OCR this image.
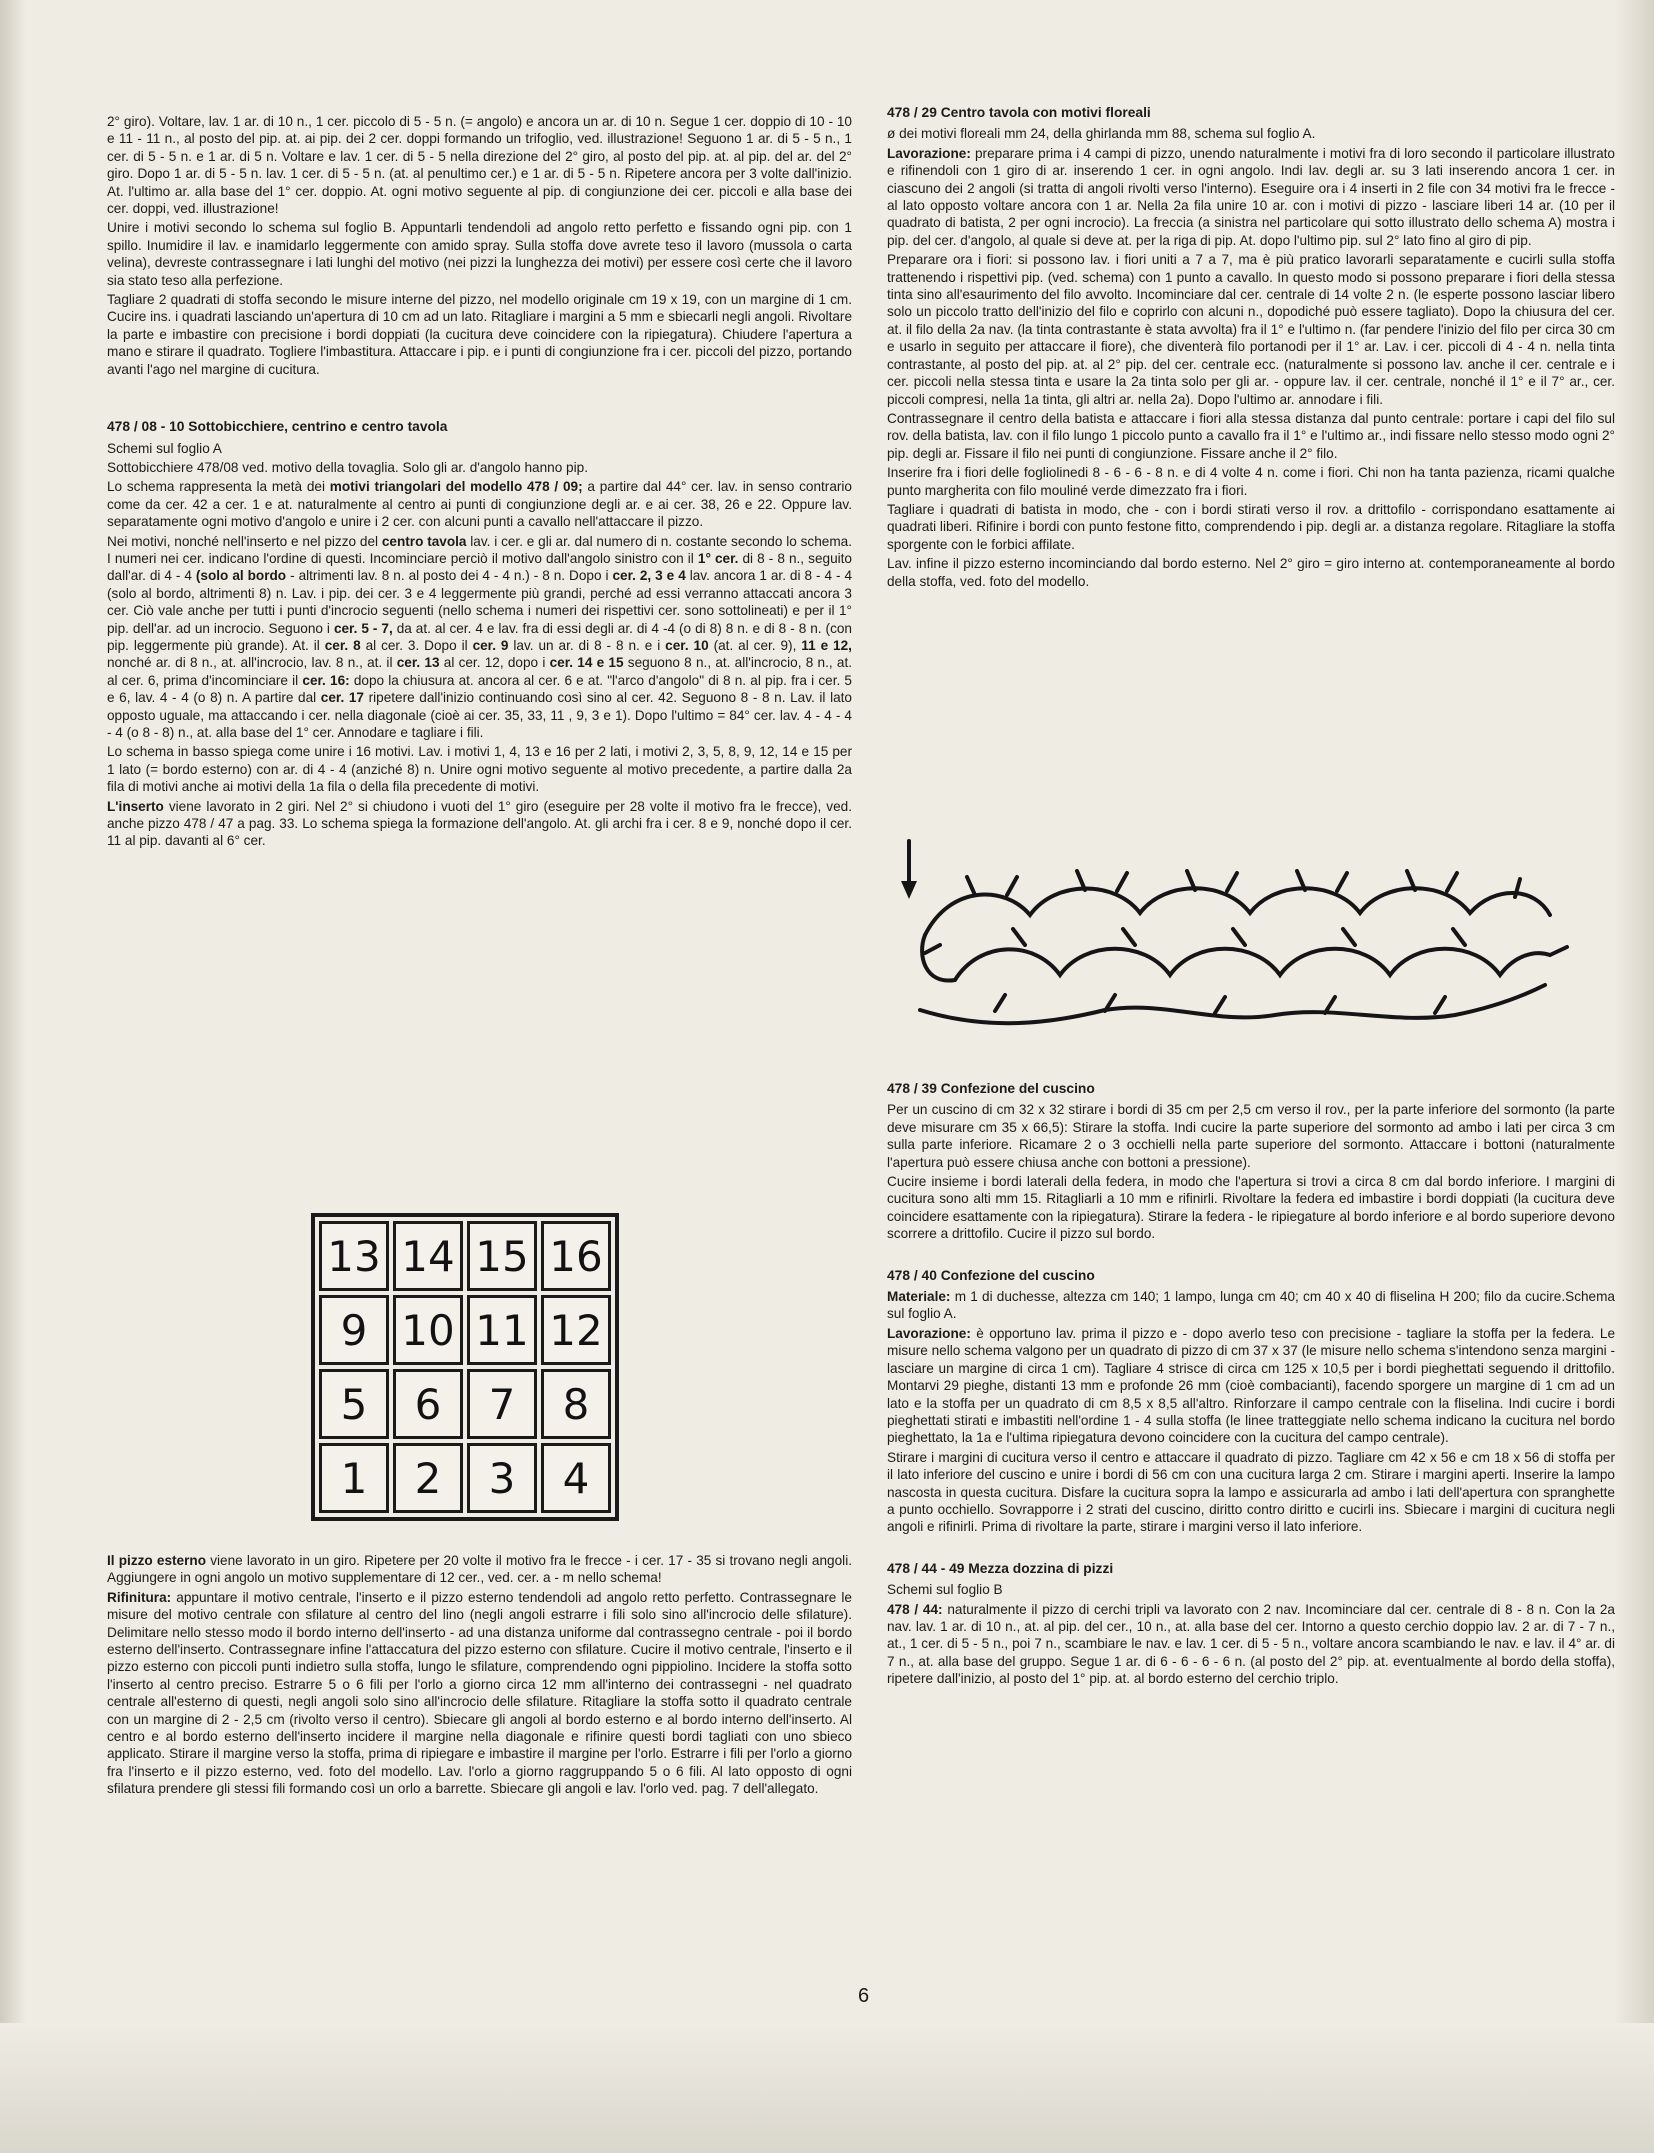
2° giro). Voltare, lav. 1 ar. di 10 n., 1 cer. piccolo di 5 - 5 n. (= angolo) e ancora un ar. di 10 n. Segue 1 cer. doppio di 10 - 10 e 11 - 11 n., al posto del pip. at. ai pip. dei 2 cer. doppi formando un trifoglio, ved. illustrazione! Seguono 1 ar. di 5 - 5 n., 1 cer. di 5 - 5 n. e 1 ar. di 5 n. Voltare e lav. 1 cer. di 5 - 5 nella direzione del 2° giro, al posto del pip. at. al pip. del ar. del 2° giro. Dopo 1 ar. di 5 - 5 n. lav. 1 cer. di 5 - 5 n. (at. al penultimo cer.) e 1 ar. di 5 - 5 n. Ripetere ancora per 3 volte dall'inizio. At. l'ultimo ar. alla base del 1° cer. doppio. At. ogni motivo seguente al pip. di congiunzione dei cer. piccoli e alla base dei cer. doppi, ved. illustrazione!

Unire i motivi secondo lo schema sul foglio B. Appuntarli tendendoli ad angolo retto perfetto e fissando ogni pip. con 1 spillo. Inumidire il lav. e inamidarlo leggermente con amido spray. Sulla stoffa dove avrete teso il lavoro (mussola o carta velina), devreste contrassegnare i lati lunghi del motivo (nei pizzi la lunghezza dei motivi) per essere così certe che il lavoro sia stato teso alla perfezione.

Tagliare 2 quadrati di stoffa secondo le misure interne del pizzo, nel modello originale cm 19 x 19, con un margine di 1 cm. Cucire ins. i quadrati lasciando un'apertura di 10 cm ad un lato. Ritagliare i margini a 5 mm e sbiecarli negli angoli. Rivoltare la parte e imbastire con precisione i bordi doppiati (la cucitura deve coincidere con la ripiegatura). Chiudere l'apertura a mano e stirare il quadrato. Togliere l'imbastitura. Attaccare i pip. e i punti di congiunzione fra i cer. piccoli del pizzo, portando avanti l'ago nel margine di cucitura.

478 / 08 - 10 Sottobicchiere, centrino e centro tavola
Schemi sul foglio A

Sottobicchiere 478/08 ved. motivo della tovaglia. Solo gli ar. d'angolo hanno pip.

Lo schema rappresenta la metà dei motivi triangolari del modello 478 / 09; a partire dal 44° cer. lav. in senso contrario come da cer. 42 a cer. 1 e at. naturalmente al centro ai punti di congiunzione degli ar. e ai cer. 38, 26 e 22. Oppure lav. separatamente ogni motivo d'angolo e unire i 2 cer. con alcuni punti a cavallo nell'attaccare il pizzo.

Nei motivi, nonché nell'inserto e nel pizzo del centro tavola lav. i cer. e gli ar. dal numero di n. costante secondo lo schema. I numeri nei cer. indicano l'ordine di questi. Incominciare perciò il motivo dall'angolo sinistro con il 1° cer. di 8 - 8 n., seguito dall'ar. di 4 - 4 (solo al bordo - altrimenti lav. 8 n. al posto dei 4 - 4 n.) - 8 n. Dopo i cer. 2, 3 e 4 lav. ancora 1 ar. di 8 - 4 - 4 (solo al bordo, altrimenti 8) n. Lav. i pip. dei cer. 3 e 4 leggermente più grandi, perché ad essi verranno attaccati ancora 3 cer. Ciò vale anche per tutti i punti d'incrocio seguenti (nello schema i numeri dei rispettivi cer. sono sottolineati) e per il 1° pip. dell'ar. ad un incrocio. Seguono i cer. 5 - 7, da at. al cer. 4 e lav. fra di essi degli ar. di 4 -4 (o di 8) 8 n. e di 8 - 8 n. (con pip. leggermente più grande). At. il cer. 8 al cer. 3. Dopo il cer. 9 lav. un ar. di 8 - 8 n. e i cer. 10 (at. al cer. 9), 11 e 12, nonché ar. di 8 n., at. all'incrocio, lav. 8 n., at. il cer. 13 al cer. 12, dopo i cer. 14 e 15 seguono 8 n., at. all'incrocio, 8 n., at. al cer. 6, prima d'incominciare il cer. 16: dopo la chiusura at. ancora al cer. 6 e at. "l'arco d'angolo" di 8 n. al pip. fra i cer. 5 e 6, lav. 4 - 4 (o 8) n. A partire dal cer. 17 ripetere dall'inizio continuando così sino al cer. 42. Seguono 8 - 8 n. Lav. il lato opposto uguale, ma attaccando i cer. nella diagonale (cioè ai cer. 35, 33, 11 , 9, 3 e 1). Dopo l'ultimo = 84° cer. lav. 4 - 4 - 4 - 4 (o 8 - 8) n., at. alla base del 1° cer. Annodare e tagliare i fili.

Lo schema in basso spiega come unire i 16 motivi. Lav. i motivi 1, 4, 13 e 16 per 2 lati, i motivi 2, 3, 5, 8, 9, 12, 14 e 15 per 1 lato (= bordo esterno) con ar. di 4 - 4 (anziché 8) n. Unire ogni motivo seguente al motivo precedente, a partire dalla 2a fila di motivi anche ai motivi della 1a fila o della fila precedente di motivi.

L'inserto viene lavorato in 2 giri. Nel 2° si chiudono i vuoti del 1° giro (eseguire per 28 volte il motivo fra le frecce), ved. anche pizzo 478 / 47 a pag. 33. Lo schema spiega la formazione dell'angolo. At. gli archi fra i cer. 8 e 9, nonché dopo il cer. 11 al pip. davanti al 6° cer.

13 14 15 16
9 10 11 12
5	6	7	8
1	2	3	4

Il pizzo esterno viene lavorato in un giro. Ripetere per 20 volte il motivo fra le frecce - i cer. 17 - 35 si trovano negli angoli. Aggiungere in ogni angolo un motivo supplementare di 12 cer., ved. cer. a - m nello schema!

Rifinitura: appuntare il motivo centrale, l'inserto e il pizzo esterno tendendoli ad angolo retto perfetto. Contrassegnare le misure del motivo centrale con sfilature al centro del lino (negli angoli estrarre i fili solo sino all'incrocio delle sfilature). Delimitare nello stesso modo il bordo interno dell'inserto - ad una distanza uniforme dal contrassegno centrale - poi il bordo esterno dell'inserto. Contrassegnare infine l'attaccatura del pizzo esterno con sfilature. Cucire il motivo centrale, l'inserto e il pizzo esterno con piccoli punti indietro sulla stoffa, lungo le sfilature, comprendendo ogni pippiolino. Incidere la stoffa sotto l'inserto al centro preciso. Estrarre 5 o 6 fili per l'orlo a giorno circa 12 mm all'interno dei contrassegni - nel quadrato centrale all'esterno di questi, negli angoli solo sino all'incrocio delle sfilature. Ritagliare la stoffa sotto il quadrato centrale con un margine di 2 - 2,5 cm (rivolto verso il centro). Sbiecare gli angoli al bordo esterno e al bordo interno dell'inserto. Al centro e al bordo esterno dell'inserto incidere il margine nella diagonale e rifinire questi bordi tagliati con uno sbieco applicato. Stirare il margine verso la stoffa, prima di ripiegare e imbastire il margine per l'orlo. Estrarre i fili per l'orlo a giorno fra l'inserto e il pizzo esterno, ved. foto del modello. Lav. l'orlo a giorno raggruppando 5 o 6 fili. Al lato opposto di ogni sfilatura prendere gli stessi fili formando così un orlo a barrette. Sbiecare gli angoli e lav. l'orlo ved. pag. 7 dell'allegato.

478 / 29 Centro tavola con motivi floreali

ø dei motivi floreali mm 24, della ghirlanda mm 88, schema sul foglio A.

Lavorazione: preparare prima i 4 campi di pizzo, unendo naturalmente i motivi fra di loro secondo il particolare illustrato e rifinendoli con 1 giro di ar. inserendo 1 cer. in ogni angolo. Indi lav. degli ar. su 3 lati inserendo ancora 1 cer. in ciascuno dei 2 angoli (si tratta di angoli rivolti verso l'interno). Eseguire ora i 4 inserti in 2 file con 34 motivi fra le frecce - al lato opposto voltare ancora con 1 ar. Nella 2a fila unire 10 ar. con i motivi di pizzo - lasciare liberi 14 ar. (10 per il quadrato di batista, 2 per ogni incrocio). La freccia (a sinistra nel particolare qui sotto illustrato dello schema A) mostra i pip. del cer. d'angolo, al quale si deve at. per la riga di pip. At. dopo l'ultimo pip. sul 2° lato fino al giro di pip.

Preparare ora i fiori: si possono lav. i fiori uniti a 7 a 7, ma è più pratico lavorarli separatamente e cucirli sulla stoffa trattenendo i rispettivi pip. (ved. schema) con 1 punto a cavallo. In questo modo si possono preparare i fiori della stessa tinta sino all'esaurimento del filo avvolto. Incominciare dal cer. centrale di 14 volte 2 n. (le esperte possono lasciar libero solo un piccolo tratto dell'inizio del filo e coprirlo con alcuni n., dopodiché può essere tagliato). Dopo la chiusura del cer. at. il filo della 2a nav. (la tinta contrastante è stata avvolta) fra il 1° e l'ultimo n. (far pendere l'inizio del filo per circa 30 cm e usarlo in seguito per attaccare il fiore), che diventerà filo portanodi per il 1° ar. Lav. i cer. piccoli di 4 - 4 n. nella tinta contrastante, al posto del pip. at. al 2° pip. del cer. centrale ecc. (naturalmente si possono lav. anche il cer. centrale e i cer. piccoli nella stessa tinta e usare la 2a tinta solo per gli ar. - oppure lav. il cer. centrale, nonché il 1° e il 7° ar., cer. piccoli compresi, nella 1a tinta, gli altri ar. nella 2a). Dopo l'ultimo ar. annodare i fili.

Contrassegnare il centro della batista e attaccare i fiori alla stessa distanza dal punto centrale: portare i capi del filo sul rov. della batista, lav. con il filo lungo 1 piccolo punto a cavallo fra il 1° e l'ultimo ar., indi fissare nello stesso modo ogni 2° pip. degli ar. Fissare il filo nei punti di congiunzione. Fissare anche il 2° filo.

Inserire fra i fiori delle fogliolinedi 8 - 6 - 6 - 8 n. e di 4 volte 4 n. come i fiori. Chi non ha tanta pazienza, ricami qualche punto margherita con filo mouliné verde dimezzato fra i fiori.

Tagliare i quadrati di batista in modo, che - con i bordi stirati verso il rov. a drittofilo - corrispondano esattamente ai quadrati liberi. Rifinire i bordi con punto festone fitto, comprendendo i pip. degli ar. a distanza regolare. Ritagliare la stoffa sporgente con le forbici affilate.

Lav. infine il pizzo esterno incominciando dal bordo esterno. Nel 2° giro = giro interno at. contemporaneamente al bordo della stoffa, ved. foto del modello.

478 / 39 Confezione del cuscino

Per un cuscino di cm 32 x 32 stirare i bordi di 35 cm per 2,5 cm verso il rov., per la parte inferiore del sormonto (la parte deve misurare cm 35 x 66,5): Stirare la stoffa. Indi cucire la parte superiore del sormonto ad ambo i lati per circa 3 cm sulla parte inferiore. Ricamare 2 o 3 occhielli nella parte superiore del sormonto. Attaccare i bottoni (naturalmente l'apertura può essere chiusa anche con bottoni a pressione).

Cucire insieme i bordi laterali della federa, in modo che l'apertura si trovi a circa 8 cm dal bordo inferiore. I margini di cucitura sono alti mm 15. Ritagliarli a 10 mm e rifinirli. Rivoltare la federa ed imbastire i bordi doppiati (la cucitura deve coincidere esattamente con la ripiegatura). Stirare la federa - le ripiegature al bordo inferiore e al bordo superiore devono scorrere a drittofilo. Cucire il pizzo sul bordo.

478 / 40 Confezione del cuscino

Materiale: m 1 di duchesse, altezza cm 140; 1 lampo, lunga cm 40; cm 40 x 40 di fliselina H 200; filo da cucire.Schema sul foglio A.

Lavorazione: è opportuno lav. prima il pizzo e - dopo averlo teso con precisione - tagliare la stoffa per la federa. Le misure nello schema valgono per un quadrato di pizzo di cm 37 x 37 (le misure nello schema s'intendono senza margini - lasciare un margine di circa 1 cm). Tagliare 4 strisce di circa cm 125 x 10,5 per i bordi pieghettati seguendo il drittofilo. Montarvi 29 pieghe, distanti 13 mm e profonde 26 mm (cioè combacianti), facendo sporgere un margine di 1 cm ad un lato e la stoffa per un quadrato di cm 8,5 x 8,5 all'altro. Rinforzare il campo centrale con la fliselina. Indi cucire i bordi pieghettati stirati e imbastiti nell'ordine 1 - 4 sulla stoffa (le linee tratteggiate nello schema indicano la cucitura nel bordo pieghettato, la 1a e l'ultima ripiegatura devono coincidere con la cucitura del campo centrale).

Stirare i margini di cucitura verso il centro e attaccare il quadrato di pizzo. Tagliare cm 42 x 56 e cm 18 x 56 di stoffa per il lato inferiore del cuscino e unire i bordi di 56 cm con una cucitura larga 2 cm. Stirare i margini aperti. Inserire la lampo nascosta in questa cucitura. Disfare la cucitura sopra la lampo e assicurarla ad ambo i lati dell'apertura con spranghette a punto occhiello. Sovrapporre i 2 strati del cuscino, diritto contro diritto e cucirli ins. Sbiecare i margini di cucitura negli angoli e rifinirli. Prima di rivoltare la parte, stirare i margini verso il lato inferiore.

478 / 44 - 49 Mezza dozzina di pizzi
Schemi sul foglio B

478 / 44: naturalmente il pizzo di cerchi tripli va lavorato con 2 nav. Incominciare dal cer. centrale di 8 - 8 n. Con la 2a nav. lav. 1 ar. di 10 n., at. al pip. del cer., 10 n., at. alla base del cer. Intorno a questo cerchio doppio lav. 2 ar. di 7 - 7 n., at., 1 cer. di 5 - 5 n., poi 7 n., scambiare le nav. e lav. 1 cer. di 5 - 5 n., voltare ancora scambiando le nav. e lav. il 4° ar. di 7 n., at. alla base del gruppo. Segue 1 ar. di 6 - 6 - 6 - 6 n. (al posto del 2° pip. at. eventualmente al bordo della stoffa), ripetere dall'inizio, al posto del 1° pip. at. al bordo esterno del cerchio triplo.

6
